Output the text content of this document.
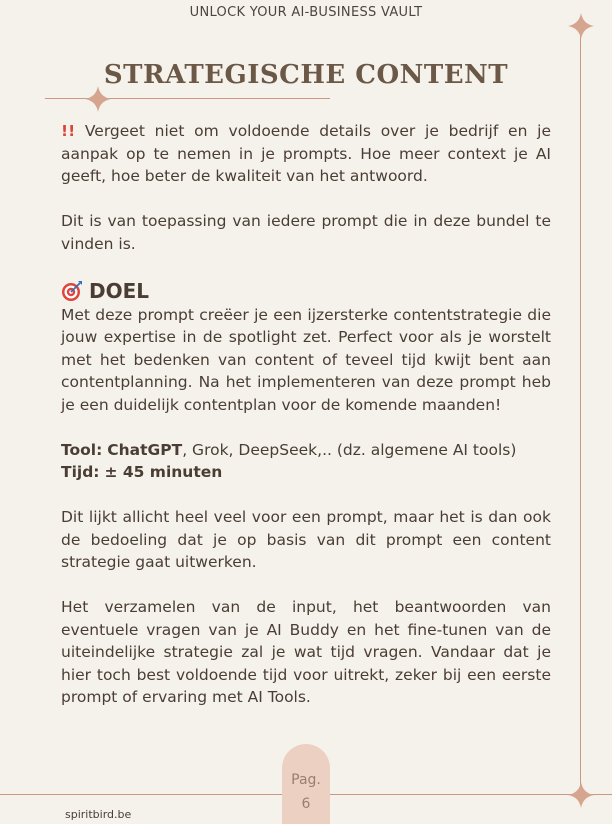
UNLOCK YOUR AI-BUSINESS VAULT
STRATEGISCHE CONTENT

!! Vergeet niet om voldoende details over je bedrijf en je aanpak op te nemen in je prompts. Hoe meer context je AI geeft, hoe beter de kwaliteit van het antwoord.

Dit is van toepassing van iedere prompt die in deze bundel te vinden is.

DOEL

Met deze prompt creëer je een ijzersterke contentstrategie die jouw expertise in de spotlight zet. Perfect voor als je worstelt met het bedenken van content of teveel tijd kwijt bent aan contentplanning. Na het implementeren van deze prompt heb je een duidelijk contentplan voor de komende maanden!

Tool: ChatGPT, Grok, DeepSeek,.. (dz. algemene AI tools)

Tijd: ± 45 minuten

Dit lijkt allicht heel veel voor een prompt, maar het is dan ook de bedoeling dat je op basis van dit prompt een content strategie gaat uitwerken.

Het verzamelen van de input, het beantwoorden van eventuele vragen van je AI Buddy en het fine-tunen van de uiteindelijke strategie zal je wat tijd vragen. Vandaar dat je hier toch best voldoende tijd voor uitrekt, zeker bij een eerste prompt of ervaring met AI Tools.

Pag.
6
spiritbird.be
